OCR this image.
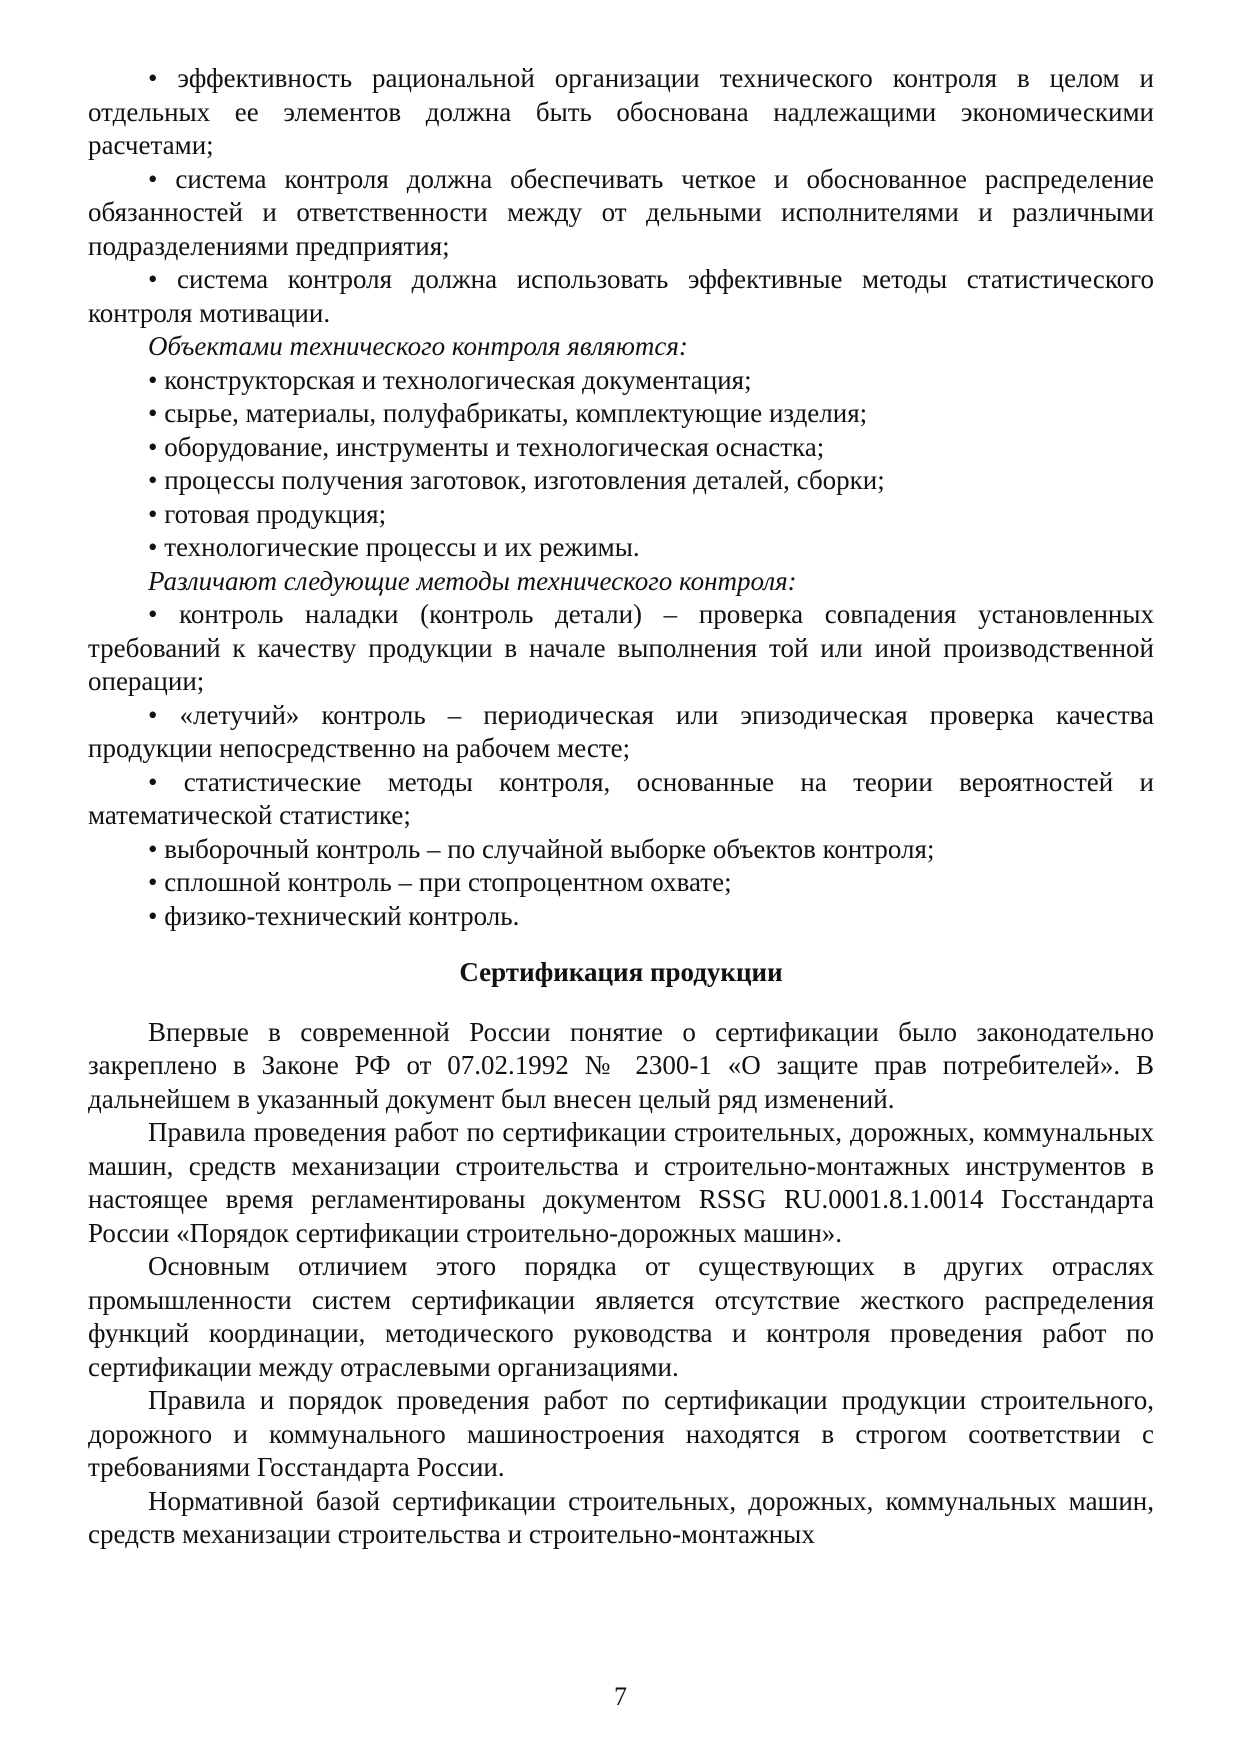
• эффективность рациональной организации технического контроля в целом и отдельных ее элементов должна быть обоснована надлежащими экономическими расчетами;

• система контроля должна обеспечивать четкое и обоснованное распределение обязанностей и ответственности между от дельными исполнителями и различными подразделениями предприятия;

• система контроля должна использовать эффективные методы статистического контроля мотивации.

Объектами технического контроля являются:

• конструкторская и технологическая документация;

• сырье, материалы, полуфабрикаты, комплектующие изделия;

• оборудование, инструменты и технологическая оснастка;

• процессы получения заготовок, изготовления деталей, сборки;

• готовая продукция;

• технологические процессы и их режимы.

Различают следующие методы технического контроля:

• контроль наладки (контроль детали) – проверка совпадения установленных требований к качеству продукции в начале выполнения той или иной производственной операции;

• «летучий» контроль – периодическая или эпизодическая проверка качества продукции непосредственно на рабочем месте;

• статистические методы контроля, основанные на теории вероятностей и математической статистике;

• выборочный контроль – по случайной выборке объектов контроля;

• сплошной контроль – при стопроцентном охвате;

• физико-технический контроль.

Сертификация продукции

Впервые в современной России понятие о сертификации было законодательно закреплено в Законе РФ от 07.02.1992 № 2300-1 «О защите прав потребителей». В дальнейшем в указанный документ был внесен целый ряд изменений.

Правила проведения работ по сертификации строительных, дорожных, коммунальных машин, средств механизации строительства и строительно-монтажных инструментов в настоящее время регламентированы документом RSSG RU.0001.8.1.0014 Госстандарта России «Порядок сертификации строительно-дорожных машин».

Основным отличием этого порядка от существующих в других отраслях промышленности систем сертификации является отсутствие жесткого распределения функций координации, методического руководства и контроля проведения работ по сертификации между отраслевыми организациями.

Правила и порядок проведения работ по сертификации продукции строительного, дорожного и коммунального машиностроения находятся в строгом соответствии с требованиями Госстандарта России.

Нормативной базой сертификации строительных, дорожных, коммунальных машин, средств механизации строительства и строительно-монтажных

7
